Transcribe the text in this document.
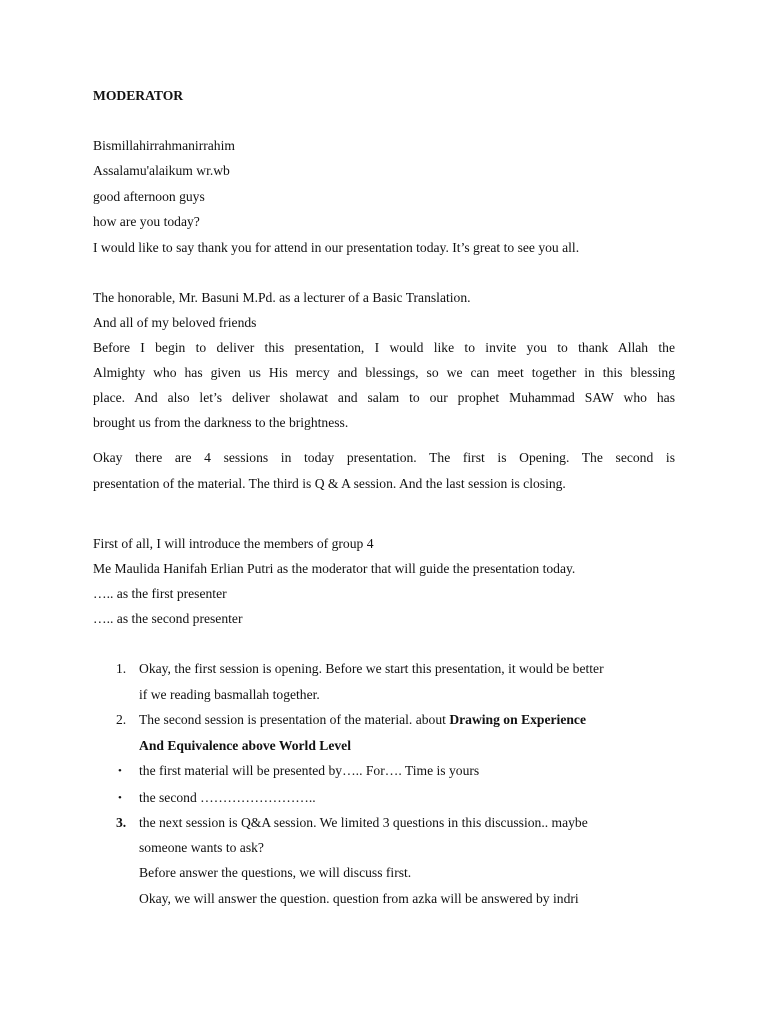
MODERATOR
Bismillahirrahmanirrahim
Assalamu'alaikum wr.wb
good afternoon guys
how are you today?
I would like to say thank you for attend in our presentation today. It’s great to see you all.
The honorable, Mr. Basuni M.Pd. as a lecturer of a Basic Translation.
And all of my beloved friends
Before I begin to deliver this presentation, I would like to invite you to thank Allah the
Almighty who has given us His mercy and blessings, so we can meet together in this blessing
place. And also let’s deliver sholawat and salam to our prophet Muhammad SAW who has
brought us from the darkness to the brightness.
Okay there are 4 sessions in today presentation. The first is Opening. The second is
presentation of the material. The third is Q & A session. And the last session is closing.
First of all, I will introduce the members of group 4
Me Maulida Hanifah Erlian Putri as the moderator that will guide the presentation today.
….. as the first presenter
….. as the second presenter
1. Okay, the first session is opening. Before we start this presentation, it would be better
if we reading basmallah together.
2. The second session is presentation of the material. about Drawing on Experience
And Equivalence above World Level
• the first material will be presented by….. For…. Time is yours
• the second ……………………..
3. the next session is Q&A session. We limited 3 questions in this discussion.. maybe
someone wants to ask?
Before answer the questions, we will discuss first.
Okay, we will answer the question. question from azka will be answered by indri
